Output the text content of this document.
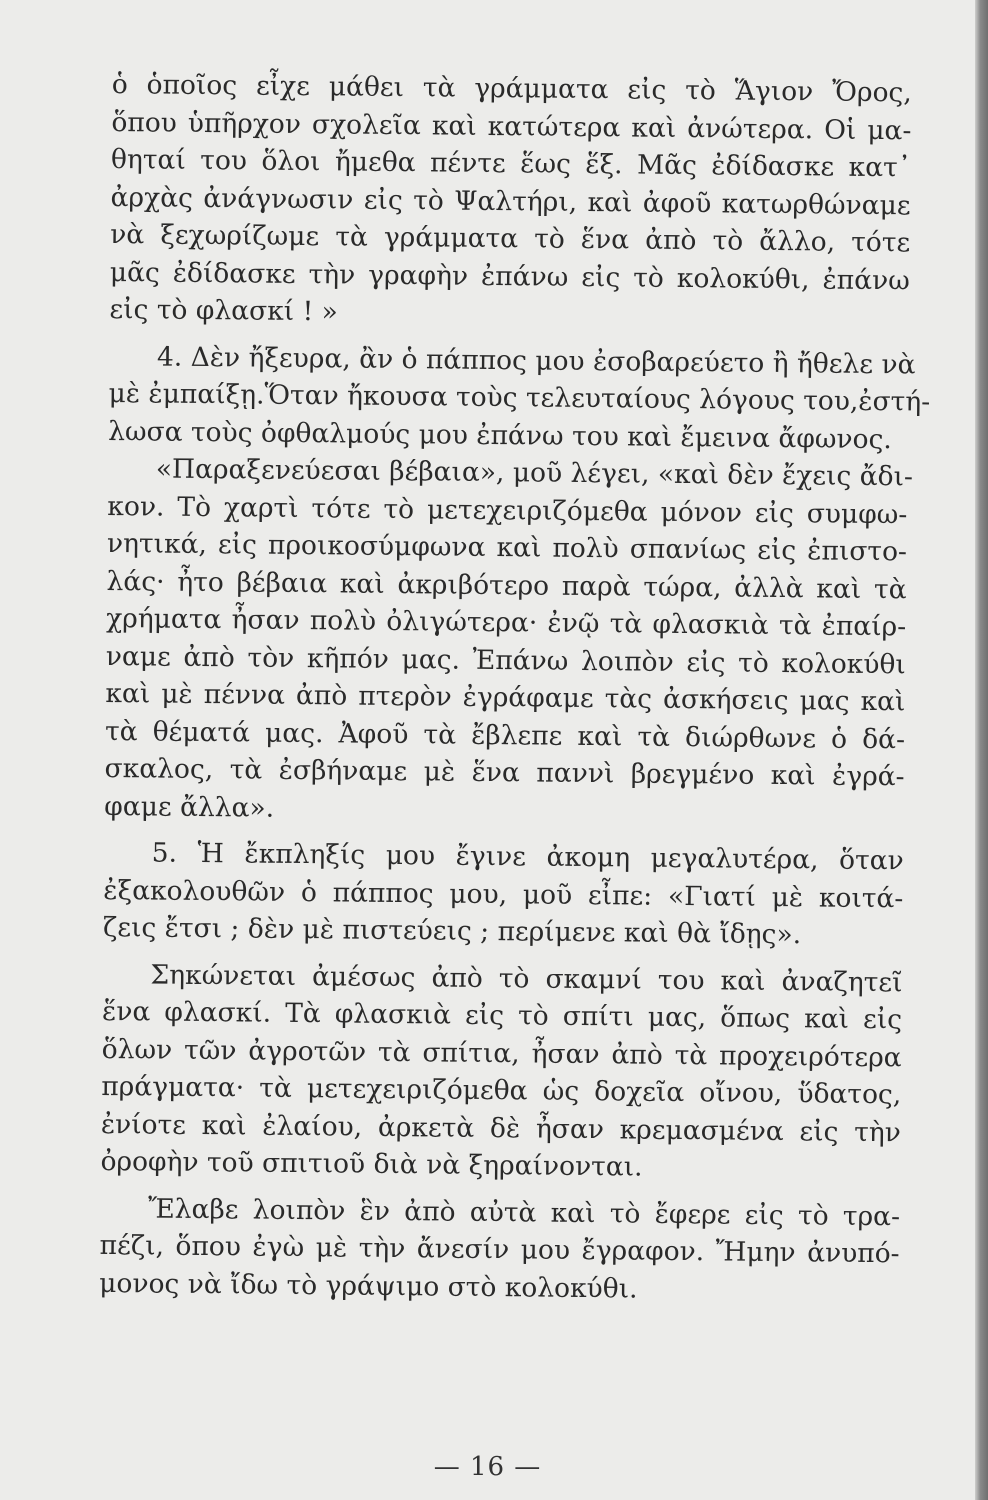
ὁ ὁποῖος εἶχε μάθει τὰ γράμματα εἰς τὸ Ἅγιον Ὄρος,
ὅπου ὑπῆρχον σχολεῖα καὶ κατώτερα καὶ ἀνώτερα. Οἱ μα-
θηταί του ὅλοι ἤμεθα πέντε ἕως ἕξ. Μᾶς ἐδίδασκε κατ᾽
ἀρχὰς ἀνάγνωσιν εἰς τὸ Ψαλτήρι, καὶ ἀφοῦ κατωρθώναμε
νὰ ξεχωρίζωμε τὰ γράμματα τὸ ἕνα ἀπὸ τὸ ἄλλο, τότε
μᾶς ἐδίδασκε τὴν γραφὴν ἐπάνω εἰς τὸ κολοκύθι, ἐπάνω
εἰς τὸ φλασκί ! »

4. Δὲν ἤξευρα, ἂν ὁ πάππος μου ἐσοβαρεύετο ἢ ἤθελε νὰ
μὲ ἐμπαίξῃ.Ὅταν ἤκουσα τοὺς τελευταίους λόγους του,ἐστή-
λωσα τοὺς ὀφθαλμούς μου ἐπάνω του καὶ ἔμεινα ἄφωνος.

«Παραξενεύεσαι βέβαια», μοῦ λέγει, «καὶ δὲν ἔχεις ἄδι-
κον. Τὸ χαρτὶ τότε τὸ μετεχειριζόμεθα μόνον εἰς συμφω-
νητικά, εἰς προικοσύμφωνα καὶ πολὺ σπανίως εἰς ἐπιστο-
λάς· ἦτο βέβαια καὶ ἀκριβότερο παρὰ τώρα, ἀλλὰ καὶ τὰ
χρήματα ἦσαν πολὺ ὀλιγώτερα· ἐνῷ τὰ φλασκιὰ τὰ ἐπαίρ-
ναμε ἀπὸ τὸν κῆπόν μας. Ἐπάνω λοιπὸν εἰς τὸ κολοκύθι
καὶ μὲ πέννα ἀπὸ πτερὸν ἐγράφαμε τὰς ἀσκήσεις μας καὶ
τὰ θέματά μας. Ἀφοῦ τὰ ἔβλεπε καὶ τὰ διώρθωνε ὁ δά-
σκαλος, τὰ ἐσβήναμε μὲ ἕνα παννὶ βρεγμένο καὶ ἐγρά-
φαμε ἄλλα».

5. Ἡ ἔκπληξίς μου ἔγινε ἀκομη μεγαλυτέρα, ὅταν
ἐξακολουθῶν ὁ πάππος μου, μοῦ εἶπε: «Γιατί μὲ κοιτά-
ζεις ἔτσι ; δὲν μὲ πιστεύεις ; περίμενε καὶ θὰ ἴδῃς».

Σηκώνεται ἀμέσως ἀπὸ τὸ σκαμνί του καὶ ἀναζητεῖ
ἕνα φλασκί. Τὰ φλασκιὰ εἰς τὸ σπίτι μας, ὅπως καὶ εἰς
ὅλων τῶν ἀγροτῶν τὰ σπίτια, ἦσαν ἀπὸ τὰ προχειρότερα
πράγματα· τὰ μετεχειριζόμεθα ὡς δοχεῖα οἴνου, ὕδατος,
ἐνίοτε καὶ ἐλαίου, ἀρκετὰ δὲ ἦσαν κρεμασμένα εἰς τὴν
ὀροφὴν τοῦ σπιτιοῦ διὰ νὰ ξηραίνονται.

Ἔλαβε λοιπὸν ἓν ἀπὸ αὐτὰ καὶ τὸ ἔφερε εἰς τὸ τρα-
πέζι, ὅπου ἐγὼ μὲ τὴν ἄνεσίν μου ἔγραφον. Ἤμην ἀνυπό-
μονος νὰ ἴδω τὸ γράψιμο στὸ κολοκύθι.

— 16 —
